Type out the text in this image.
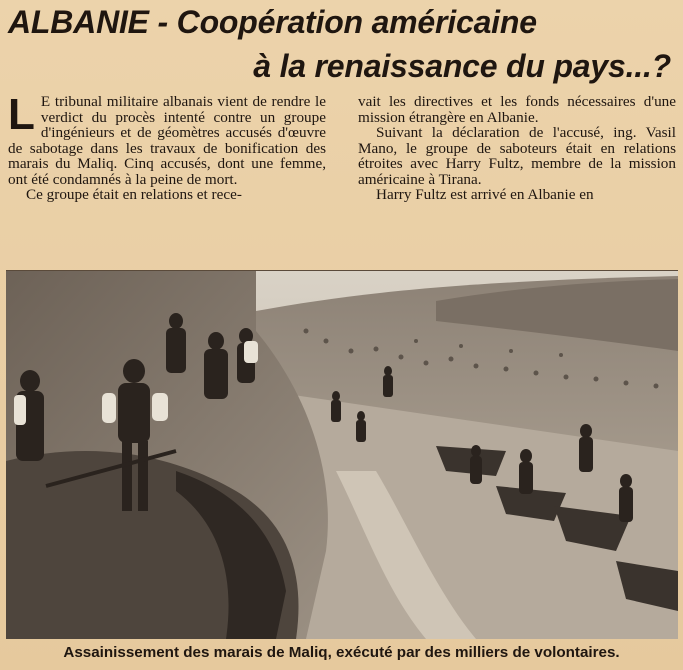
ALBANIE - Coopération américaine
à la renaissance du pays...?

L E tribunal militaire albanais vient de rendre le verdict du procès intenté contre un groupe d'ingénieurs et de géomètres accusés d'œuvre de sabotage dans les travaux de bonification des marais du Maliq. Cinq accusés, dont une femme, ont été condamnés à la peine de mort.

Ce groupe était en relations et rece-

vait les directives et les fonds nécessaires d'une mission étrangère en Albanie.

Suivant la déclaration de l'accusé, ing. Vasil Mano, le groupe de saboteurs était en relations étroites avec Harry Fultz, membre de la mission américaine à Tirana.

Harry Fultz est arrivé en Albanie en

Assainissement des marais de Maliq, exécuté par des milliers de volontaires.
